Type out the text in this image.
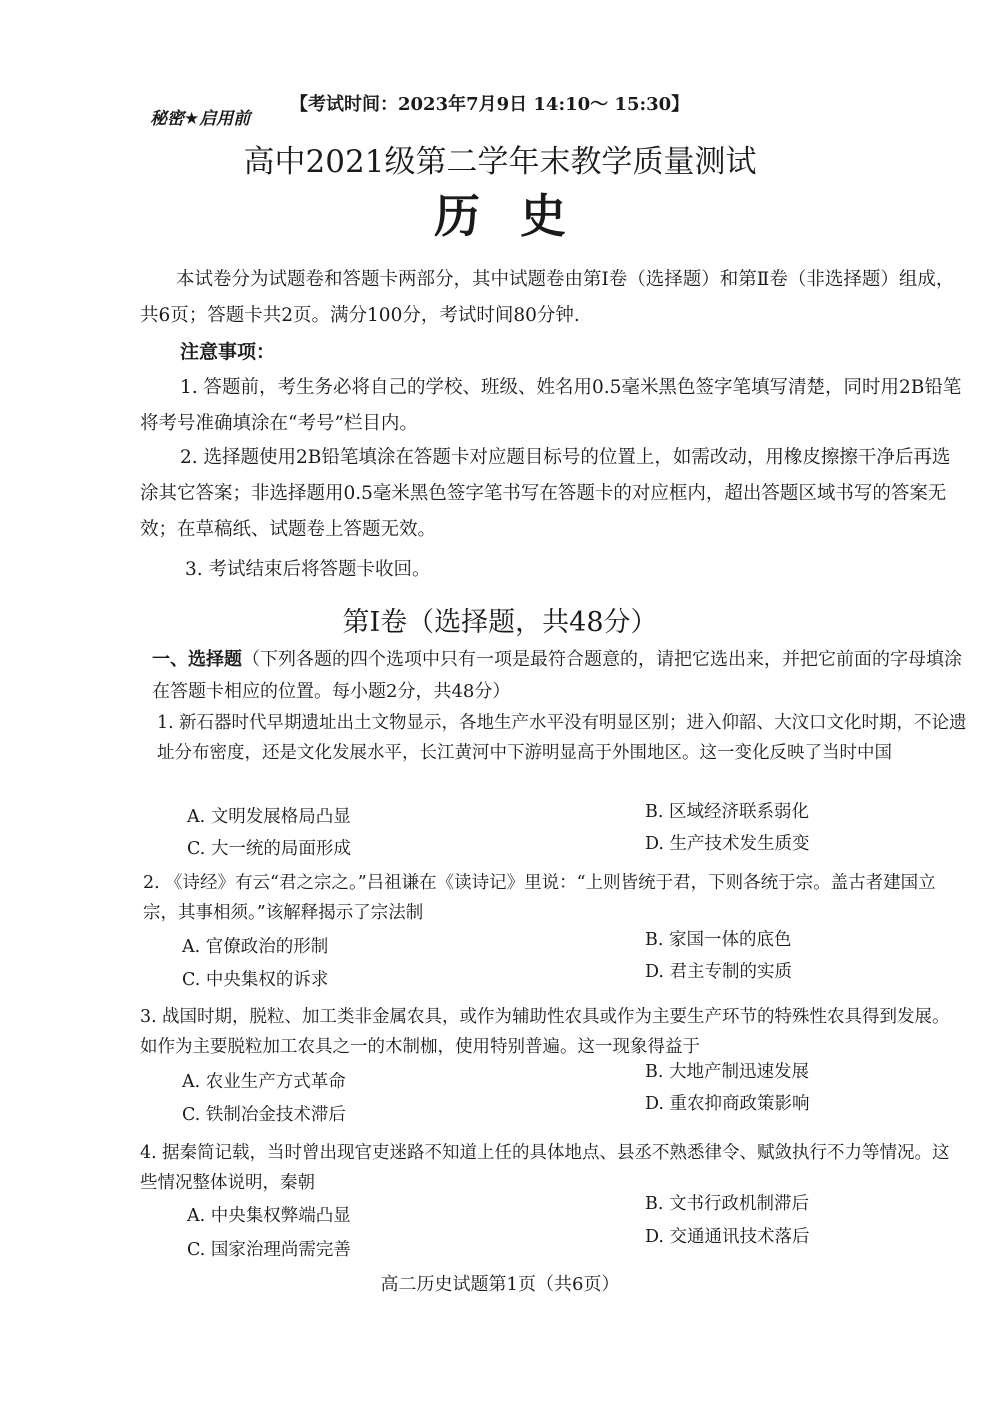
秘密★启用前
【考试时间：2023年7月9日 14:10～ 15:30】
高中2021级第二学年末教学质量测试
历史
本试卷分为试题卷和答题卡两部分，其中试题卷由第Ⅰ卷（选择题）和第Ⅱ卷（非选择题）组成，共6页；答题卡共2页。满分100分，考试时间80分钟.
注意事项：
1. 答题前，考生务必将自己的学校、班级、姓名用0.5毫米黑色签字笔填写清楚，同时用2B铅笔将考号准确填涂在“考号”栏目内。
2. 选择题使用2B铅笔填涂在答题卡对应题目标号的位置上，如需改动，用橡皮擦擦干净后再选涂其它答案；非选择题用0.5毫米黑色签字笔书写在答题卡的对应框内，超出答题区域书写的答案无效；在草稿纸、试题卷上答题无效。
3. 考试结束后将答题卡收回。
第Ⅰ卷（选择题，共48分）
一、选择题（下列各题的四个选项中只有一项是最符合题意的，请把它选出来，并把它前面的字母填涂在答题卡相应的位置。每小题2分，共48分）
1. 新石器时代早期遗址出土文物显示，各地生产水平没有明显区别；进入仰韶、大汶口文化时期，不论遗址分布密度，还是文化发展水平，长江黄河中下游明显高于外围地区。这一变化反映了当时中国
A. 文明发展格局凸显	B. 区域经济联系弱化
C. 大一统的局面形成	D. 生产技术发生质变
2. 《诗经》有云“君之宗之。”吕祖谦在《读诗记》里说：“上则皆统于君，下则各统于宗。盖古者建国立宗，其事相须。”该解释揭示了宗法制
A. 官僚政治的形制	B. 家国一体的底色
C. 中央集权的诉求	D. 君主专制的实质
3. 战国时期，脱粒、加工类非金属农具，或作为辅助性农具或作为主要生产环节的特殊性农具得到发展。如作为主要脱粒加工农具之一的木制枷，使用特别普遍。这一现象得益于
A. 农业生产方式革命	B. 大地产制迅速发展
C. 铁制冶金技术滞后
D. 重农抑商政策影响
4. 据秦简记载，当时曾出现官吏迷路不知道上任的具体地点、县丞不熟悉律令、赋敛执行不力等情况。这些情况整体说明，秦朝
A. 中央集权弊端凸显
B. 文书行政机制滞后
C. 国家治理尚需完善
D. 交通通讯技术落后
高二历史试题第1页（共6页）
